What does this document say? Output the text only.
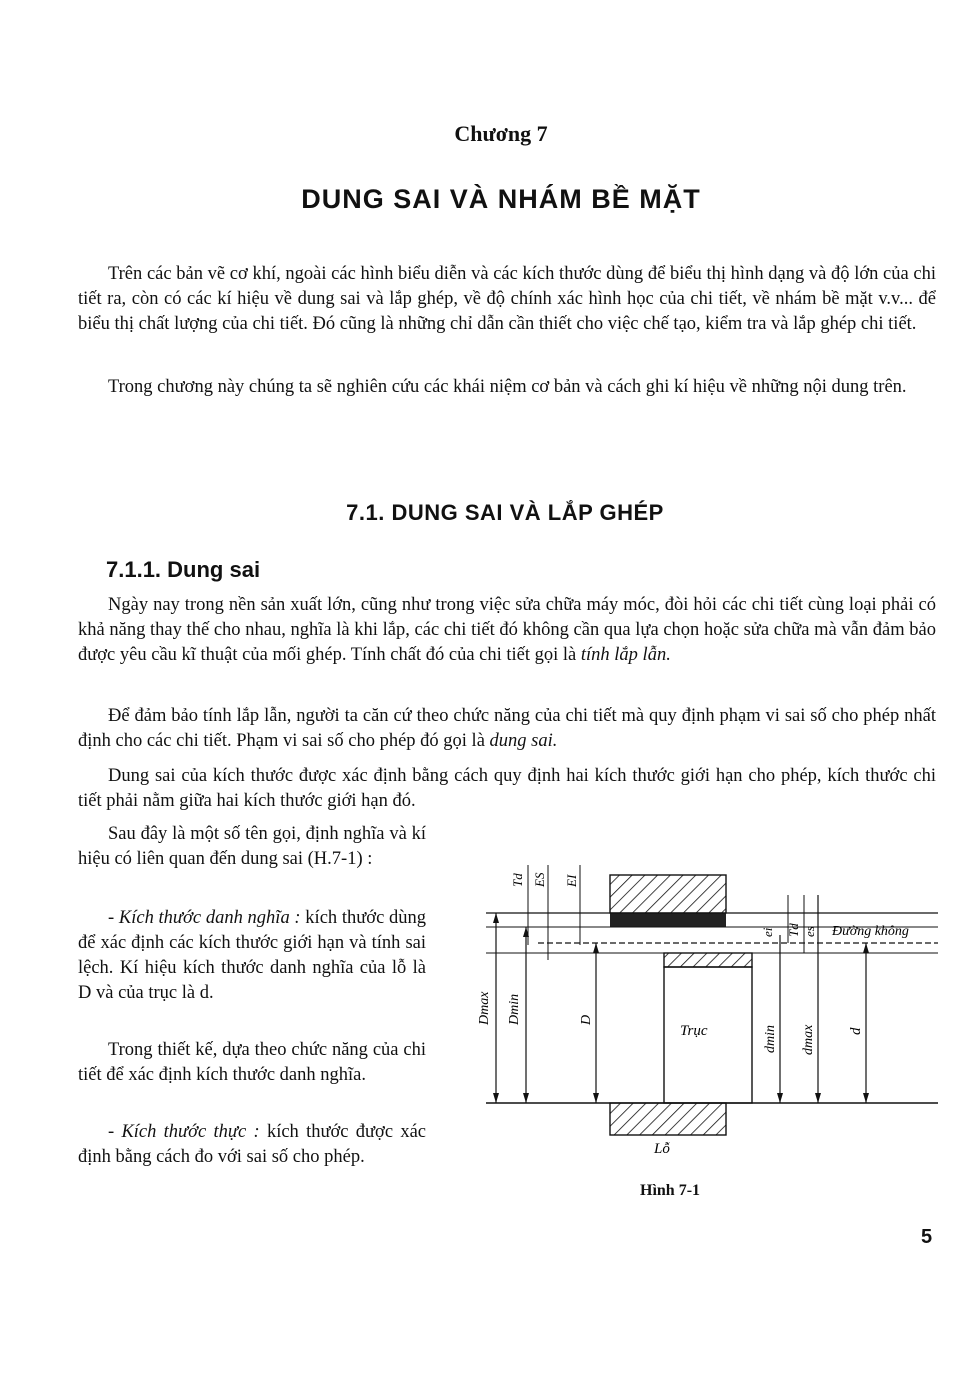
Chương 7
DUNG SAI VÀ NHÁM BỀ MẶT

Trên các bản vẽ cơ khí, ngoài các hình biểu diễn và các kích thước dùng để biểu thị hình dạng và độ lớn của chi tiết ra, còn có các kí hiệu về dung sai và lắp ghép, về độ chính xác hình học của chi tiết, về nhám bề mặt v.v... để biểu thị chất lượng của chi tiết. Đó cũng là những chỉ dẫn cần thiết cho việc chế tạo, kiểm tra và lắp ghép chi tiết.

Trong chương này chúng ta sẽ nghiên cứu các khái niệm cơ bản và cách ghi kí hiệu về những nội dung trên.

7.1. DUNG SAI VÀ LẮP GHÉP
7.1.1. Dung sai

Ngày nay trong nền sản xuất lớn, cũng như trong việc sửa chữa máy móc, đòi hỏi các chi tiết cùng loại phải có khả năng thay thế cho nhau, nghĩa là khi lắp, các chi tiết đó không cần qua lựa chọn hoặc sửa chữa mà vẫn đảm bảo được yêu cầu kĩ thuật của mối ghép. Tính chất đó của chi tiết gọi là tính lắp lẫn.

Để đảm bảo tính lắp lẫn, người ta căn cứ theo chức năng của chi tiết mà quy định phạm vi sai số cho phép nhất định cho các chi tiết. Phạm vi sai số cho phép đó gọi là dung sai.

Dung sai của kích thước được xác định bằng cách quy định hai kích thước giới hạn cho phép, kích thước chi tiết phải nằm giữa hai kích thước giới hạn đó.

Sau đây là một số tên gọi, định nghĩa và kí hiệu có liên quan đến dung sai (H.7-1) :

- Kích thước danh nghĩa : kích thước dùng để xác định các kích thước giới hạn và tính sai lệch. Kí hiệu kích thước danh nghĩa của lỗ là D và của trục là d.

Trong thiết kế, dựa theo chức năng của chi tiết để xác định kích thước danh nghĩa.

- Kích thước thực : kích thước được xác định bằng cách đo với sai số cho phép.

Td ES EI
ei Td es Đường không
Dmax Dmin	D
Trục	dmin dmax d
Lỗ
Hình 7-1
5
